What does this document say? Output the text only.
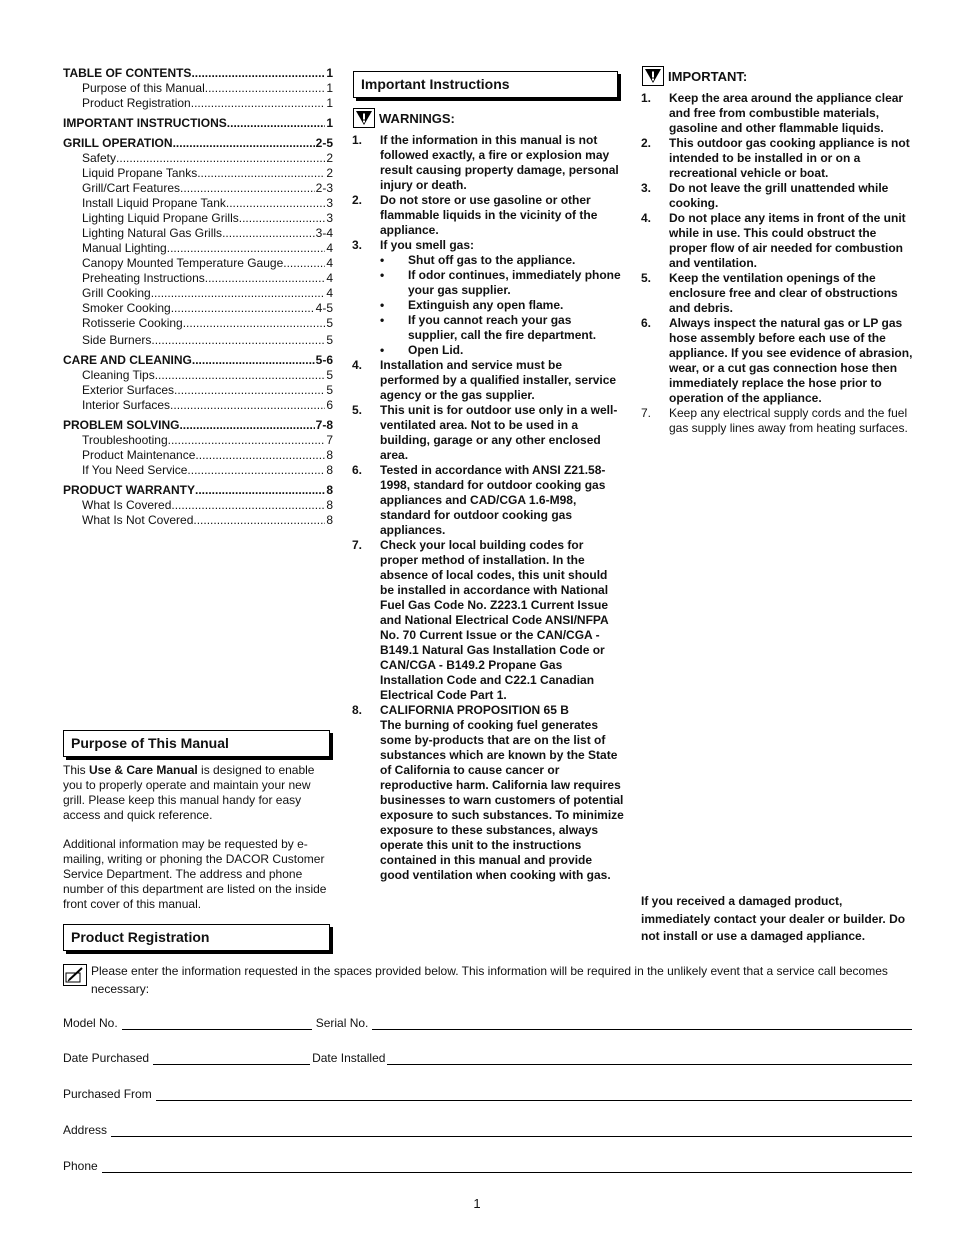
TABLE OF CONTENTS .....	1
Purpose of this Manual .....	1
Product Registration .....	1
IMPORTANT INSTRUCTIONS .....	1
GRILL OPERATION .....	2-5
Safety .....	2
Liquid Propane Tanks .....	2
Grill/Cart Features .....	2-3
Install Liquid Propane Tank .....	3
Lighting Liquid Propane Grills .....	3
Lighting Natural Gas Grills .....	3-4
Manual Lighting .....	4
Canopy Mounted Temperature Gauge .....	4
Preheating Instructions .....	4
Grill Cooking .....	4
Smoker Cooking .....	4-5
Rotisserie Cooking .....	5
Side Burners .....	5
CARE AND CLEANING .....	5-6
Cleaning Tips .....	5
Exterior Surfaces .....	5
Interior Surfaces .....	6
PROBLEM SOLVING .....	7-8
Troubleshooting .....	7
Product Maintenance .....	8
If You Need Service .....	8
PRODUCT WARRANTY .....	8
What Is Covered .....	8
What Is Not Covered .....	8
Purpose of This Manual

This Use & Care Manual is designed to enable you to properly operate and maintain your new grill. Please keep this manual handy for easy access and quick reference.

Additional information may be requested by e-mailing, writing or phoning the DACOR Customer Service Department. The address and phone number of this department are listed on the inside front cover of this manual.

Product Registration
Important Instructions
WARNINGS:
1.	If the information in this manual is not followed exactly, a fire or explosion may result causing property damage, personal injury or death.
2.	Do not store or use gasoline or other flammable liquids in the vicinity of the appliance.
3.	If you smell gas:
•	Shut off gas to the appliance.
•	If odor continues, immediately phone your gas supplier.
•	Extinguish any open flame.
•	If you cannot reach your gas supplier, call the fire department.
•	Open Lid.
4.	Installation and service must be performed by a qualified installer, service agency or the gas supplier.
5.	This unit is for outdoor use only in a well-ventilated area. Not to be used in a building, garage or any other enclosed area.
6.	Tested in accordance with ANSI Z21.58-1998, standard for outdoor cooking gas appliances and CAD/CGA 1.6-M98, standard for outdoor cooking gas appliances.
7.	Check your local building codes for proper method of installation. In the absence of local codes, this unit should be installed in accordance with National Fuel Gas Code No. Z223.1 Current Issue and National Electrical Code ANSI/NFPA No. 70 Current Issue or the CAN/CGA - B149.1 Natural Gas Installation Code or CAN/CGA - B149.2 Propane Gas Installation Code and C22.1 Canadian Electrical Code Part 1.
8.	CALIFORNIA PROPOSITION 65 B
The burning of cooking fuel generates some by-products that are on the list of substances which are known by the State of California to cause cancer or reproductive harm. California law requires businesses to warn customers of potential exposure to such substances. To minimize exposure to these substances, always operate this unit to the instructions contained in this manual and provide good ventilation when cooking with gas.
IMPORTANT:
1.	Keep the area around the appliance clear and free from combustible materials, gasoline and other flammable liquids.
2.	This outdoor gas cooking appliance is not intended to be installed in or on a recreational vehicle or boat.
3.	Do not leave the grill unattended while cooking.
4.	Do not place any items in front of the unit while in use. This could obstruct the proper flow of air needed for combustion and ventilation.
5.	Keep the ventilation openings of the enclosure free and clear of obstructions and debris.
6.	Always inspect the natural gas or LP gas hose assembly before each use of the appliance. If you see evidence of abrasion, wear, or a cut gas connection hose then immediately replace the hose prior to operation of the appliance.
7.	Keep any electrical supply cords and the fuel gas supply lines away from heating surfaces.
If you received a damaged product, immediately contact your dealer or builder. Do not install or use a damaged appliance.
Please enter the information requested in the spaces provided below. This information will be required in the unlikely event that a service call becomes necessary:
Model No.	Serial No.
Date Purchased	Date Installed
Purchased From
Address
Phone
1
